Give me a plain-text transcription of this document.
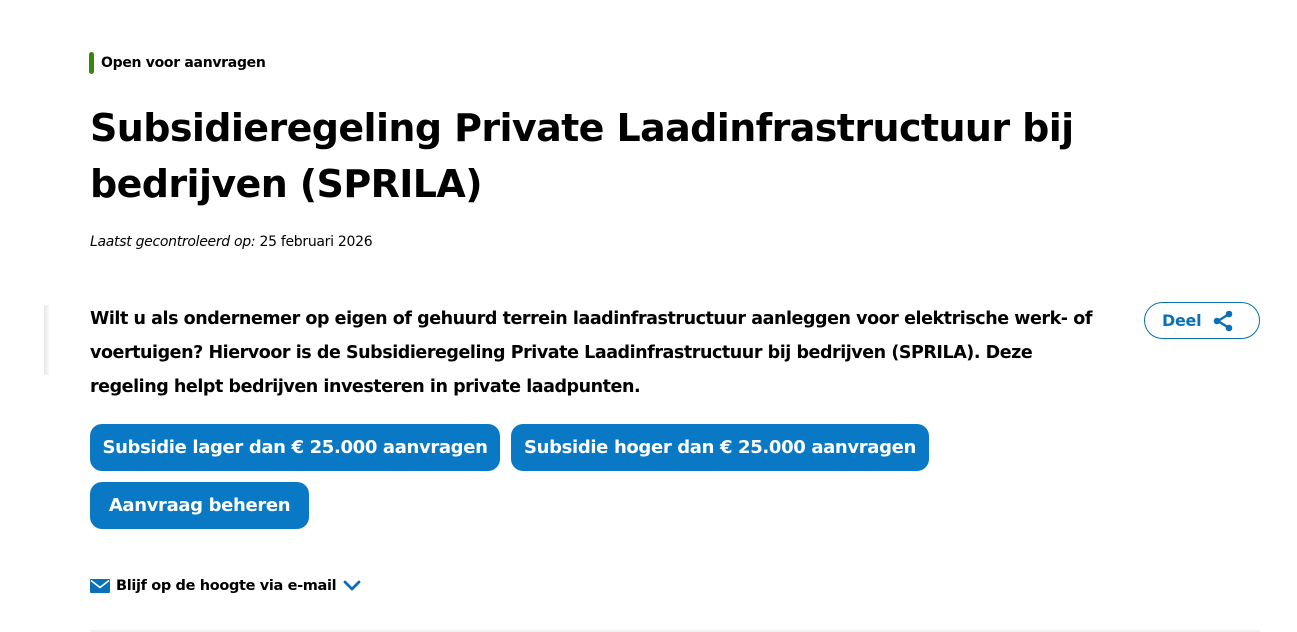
Open voor aanvragen
Subsidieregeling Private Laadinfrastructuur bij bedrijven (SPRILA)
Laatst gecontroleerd op: 25 februari 2026

Wilt u als ondernemer op eigen of gehuurd terrein laadinfrastructuur aanleggen voor elektrische werk- of voertuigen? Hiervoor is de Subsidieregeling Private Laadinfrastructuur bij bedrijven (SPRILA). Deze regeling helpt bedrijven investeren in private laadpunten.

Deel
Subsidie lager dan € 25.000 aanvragen	Subsidie hoger dan € 25.000 aanvragen
Aanvraag beheren
Blijf op de hoogte via e-mail
